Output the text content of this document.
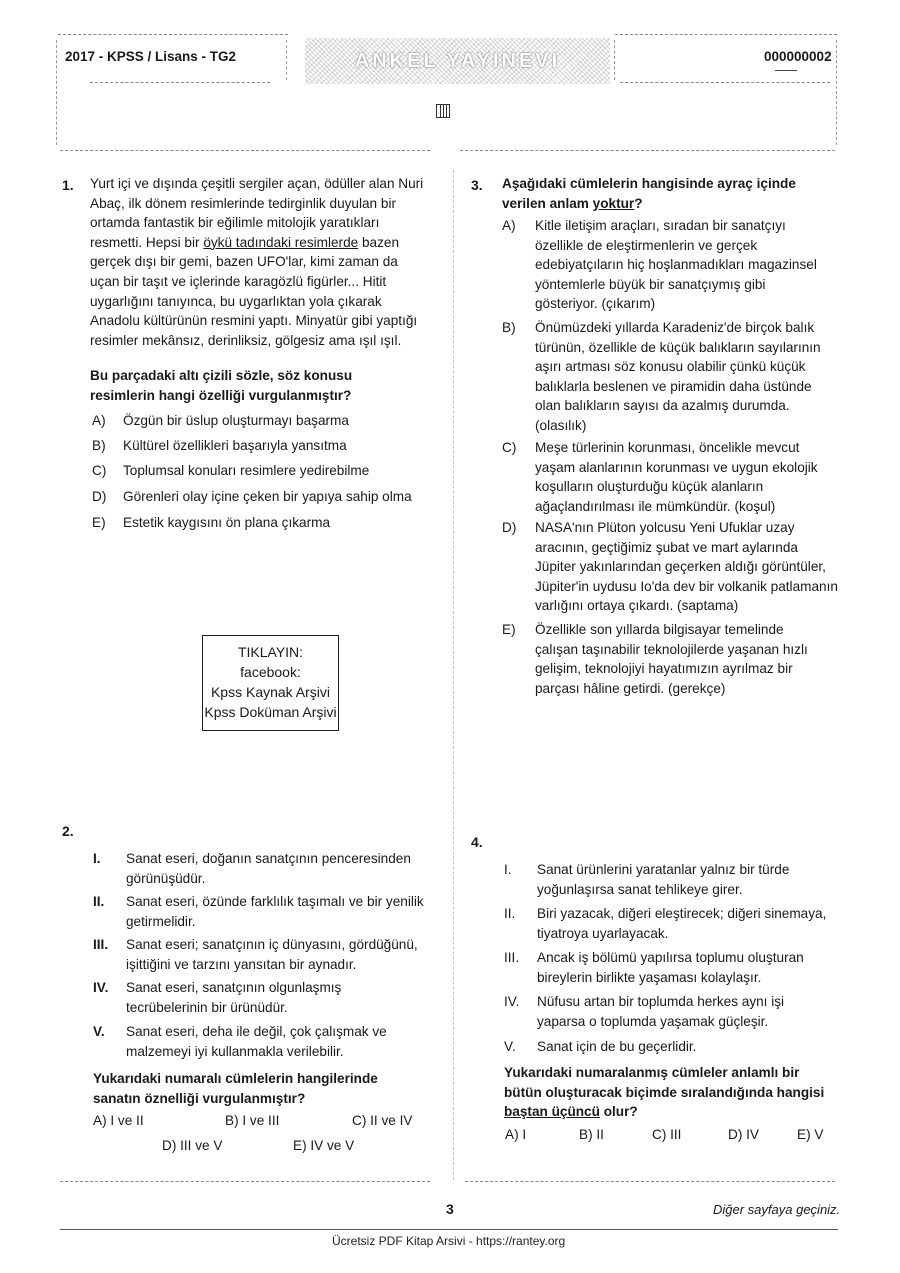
2017 - KPSS / Lisans - TG2	ANKEL YAYINEVI	000000002
1. Yurt içi ve dışında çeşitli sergiler açan, ödüller alan Nuri Abaç, ilk dönem resimlerinde tedirginlik duyulan bir ortamda fantastik bir eğilimle mitolojik yaratıkları resmetti. Hepsi bir öykü tadındaki resimlerde bazen gerçek dışı bir gemi, bazen UFO'lar, kimi zaman da uçan bir taşıt ve içlerinde karagözlü figürler... Hitit uygarlığını tanıyınca, bu uygarlıktan yola çıkarak Anadolu kültürünün resmini yaptı. Minyatür gibi yaptığı resimler mekânsız, derinliksiz, gölgesiz ama ışıl ışıl.
Bu parçadaki altı çizili sözle, söz konusu resimlerin hangi özelliği vurgulanmıştır?
A) Özgün bir üslup oluşturmayı başarma
B) Kültürel özellikleri başarıyla yansıtma
C) Toplumsal konuları resimlere yedirebilme
D) Görenleri olay içine çeken bir yapıya sahip olma
E) Estetik kaygısını ön plana çıkarma
TIKLAYIN:
facebook:
Kpss Kaynak Arşivi
Kpss Doküman Arşivi
2.
I. Sanat eseri, doğanın sanatçının penceresinden görünüşüdür.
II. Sanat eseri, özünde farklılık taşımalı ve bir yenilik getirmelidir.
III. Sanat eseri; sanatçının iç dünyasını, gördüğünü, işittiğini ve tarzını yansıtan bir aynadır.
IV. Sanat eseri, sanatçının olgunlaşmış tecrübelerinin bir ürünüdür.
V. Sanat eseri, deha ile değil, çok çalışmak ve malzemeyi iyi kullanmakla verilebilir.
Yukarıdaki numaralı cümlelerin hangilerinde sanatın öznelliği vurgulanmıştır?
A) I ve II	B) I ve III	C) II ve IV
D) III ve V	E) IV ve V
3. Aşağıdaki cümlelerin hangisinde ayraç içinde verilen anlam yoktur?
A) Kitle iletişim araçları, sıradan bir sanatçıyı özellikle de eleştirmenlerin ve gerçek edebiyatçıların hiç hoşlanmadıkları magazinsel yöntemlerle büyük bir sanatçıymış gibi gösteriyor. (çıkarım)
B) Önümüzdeki yıllarda Karadeniz'de birçok balık türünün, özellikle de küçük balıkların sayılarının aşırı artması söz konusu olabilir çünkü küçük balıklarla beslenen ve piramidin daha üstünde olan balıkların sayısı da azalmış durumda. (olasılık)
C) Meşe türlerinin korunması, öncelikle mevcut yaşam alanlarının korunması ve uygun ekolojik koşulların oluşturduğu küçük alanların ağaçlandırılması ile mümkündür. (koşul)
D) NASA'nın Plüton yolcusu Yeni Ufuklar uzay aracının, geçtiğimiz şubat ve mart aylarında Jüpiter yakınlarından geçerken aldığı görüntüler, Jüpiter'in uydusu Io'da dev bir volkanik patlamanın varlığını ortaya çıkardı. (saptama)
E) Özellikle son yıllarda bilgisayar temelinde çalışan taşınabilir teknolojilerde yaşanan hızlı gelişim, teknolojiyi hayatımızın ayrılmaz bir parçası hâline getirdi. (gerekçe)
4.
I. Sanat ürünlerini yaratanlar yalnız bir türde yoğunlaşırsa sanat tehlikeye girer.
II. Biri yazacak, diğeri eleştirecek; diğeri sinemaya, tiyatroya uyarlayacak.
III. Ancak iş bölümü yapılırsa toplumu oluşturan bireylerin birlikte yaşaması kolaylaşır.
IV. Nüfusu artan bir toplumda herkes aynı işi yaparsa o toplumda yaşamak güçleşir.
V. Sanat için de bu geçerlidir.
Yukarıdaki numaralanmış cümleler anlamlı bir bütün oluşturacak biçimde sıralandığında hangisi baştan üçüncü olur?
A) I	B) II	C) III	D) IV	E) V
3	Diğer sayfaya geçiniz.
Ücretsiz PDF Kitap Arsivi - https://rantey.org
